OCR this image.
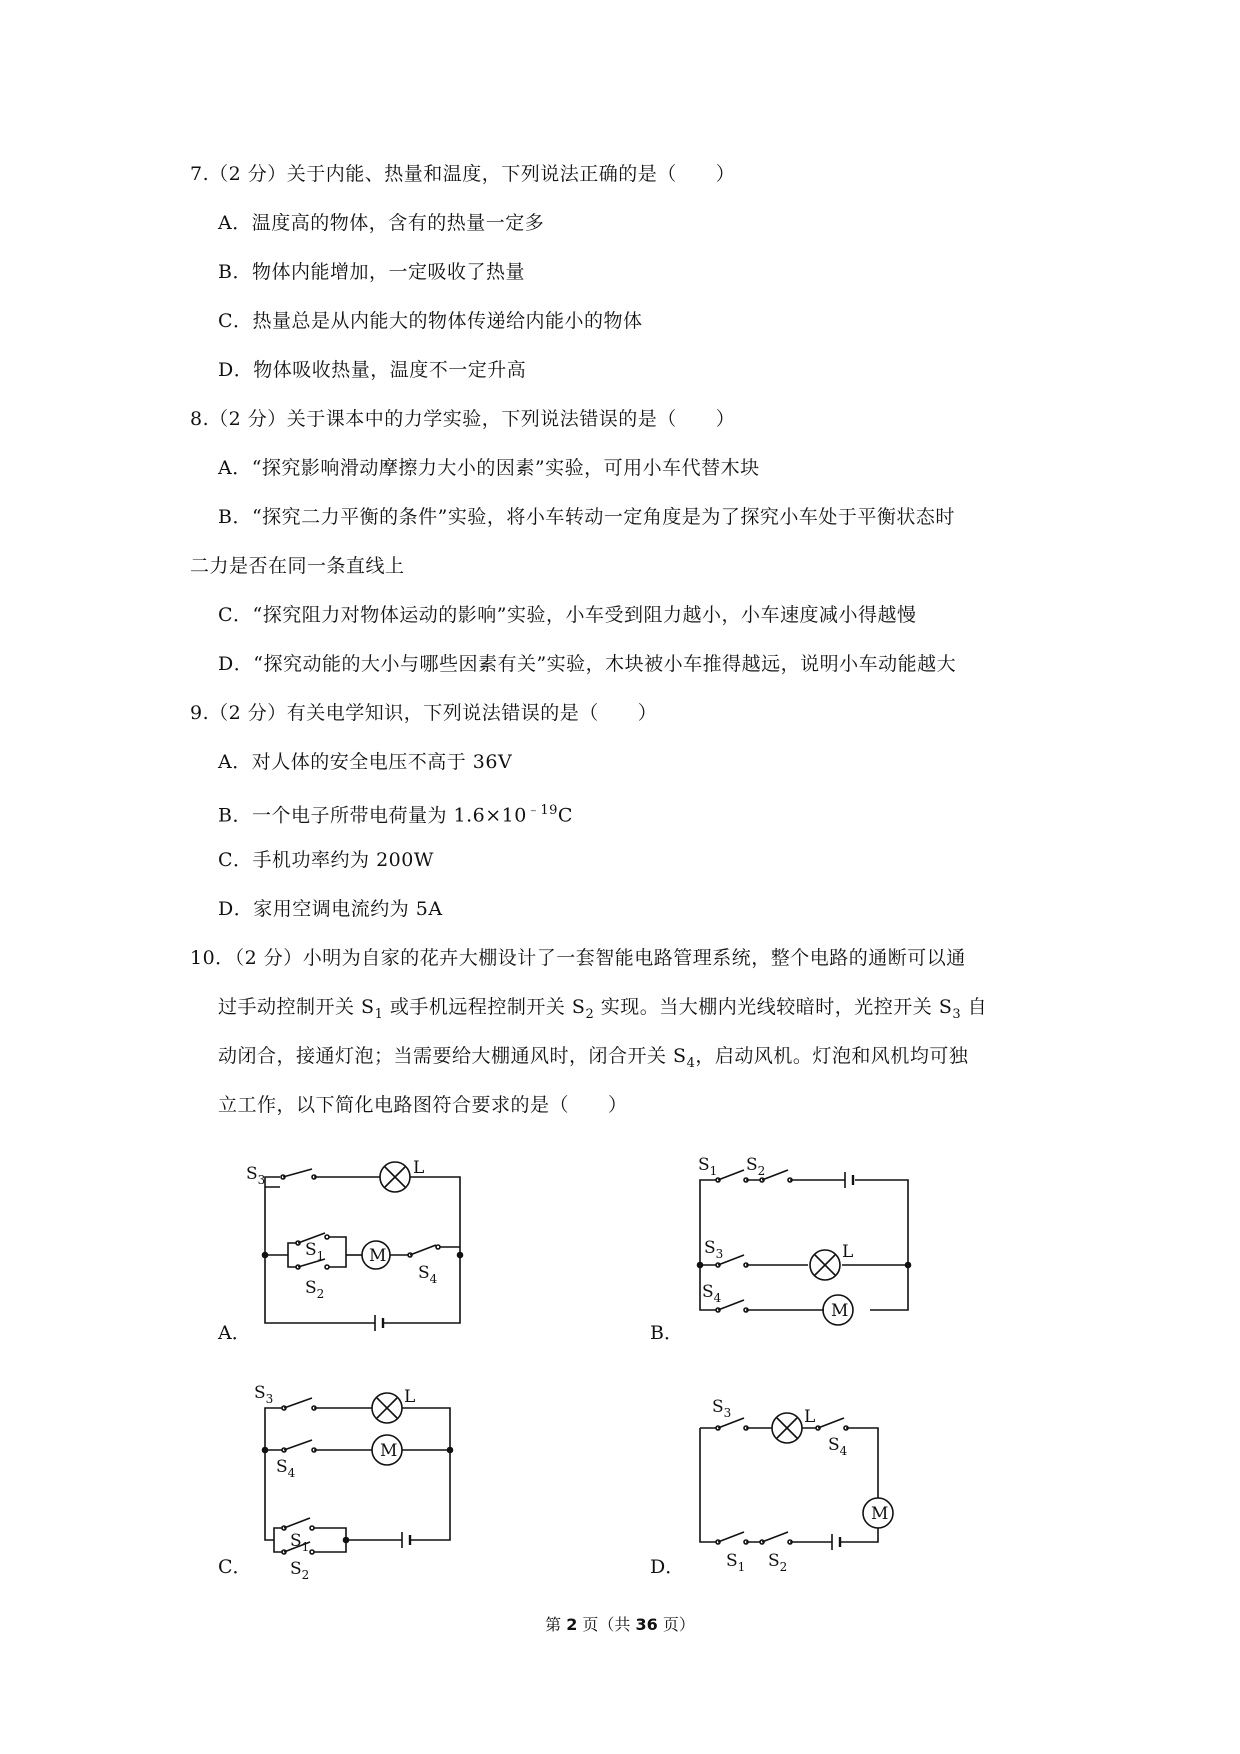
7.（2 分）关于内能、热量和温度，下列说法正确的是（　　）
A．温度高的物体，含有的热量一定多
B．物体内能增加，一定吸收了热量
C．热量总是从内能大的物体传递给内能小的物体
D．物体吸收热量，温度不一定升高
8.（2 分）关于课本中的力学实验，下列说法错误的是（　　）
A．“探究影响滑动摩擦力大小的因素”实验，可用小车代替木块
B．“探究二力平衡的条件”实验，将小车转动一定角度是为了探究小车处于平衡状态时
二力是否在同一条直线上
C．“探究阻力对物体运动的影响”实验，小车受到阻力越小，小车速度减小得越慢
D．“探究动能的大小与哪些因素有关”实验，木块被小车推得越远，说明小车动能越大
9.（2 分）有关电学知识，下列说法错误的是（　　）
A．对人体的安全电压不高于 36V
B．一个电子所带电荷量为 $1.6\times 10^{﹣19}C$
C．手机功率约为 200W
D．家用空调电流约为 5A
10．（2 分）小明为自家的花卉大棚设计了一套智能电路管理系统，整个电路的通断可以通
过手动控制开关 $S_1$ 或手机远程控制开关 $S_2$ 实现。当大棚内光线较暗时，光控开关 $S_3$ 自
动闭合，接通灯泡；当需要给大棚通风时，闭合开关 $S_4$，启动风机。灯泡和风机均可独
立工作，以下简化电路图符合要求的是（　　）
A．	B．
C．	D．
$S_3$
L
$S_1$
$S_2$
M
$S_4$
$S_1$ $S_2$
$S_3$	L
$S_4$
M
$S_3$	L
$S_4$
M
$S_1$
$S_2$
$S_3$	L
$S_4$
M
$S_1$ $S_2$
第 2 页（共 36 页）
